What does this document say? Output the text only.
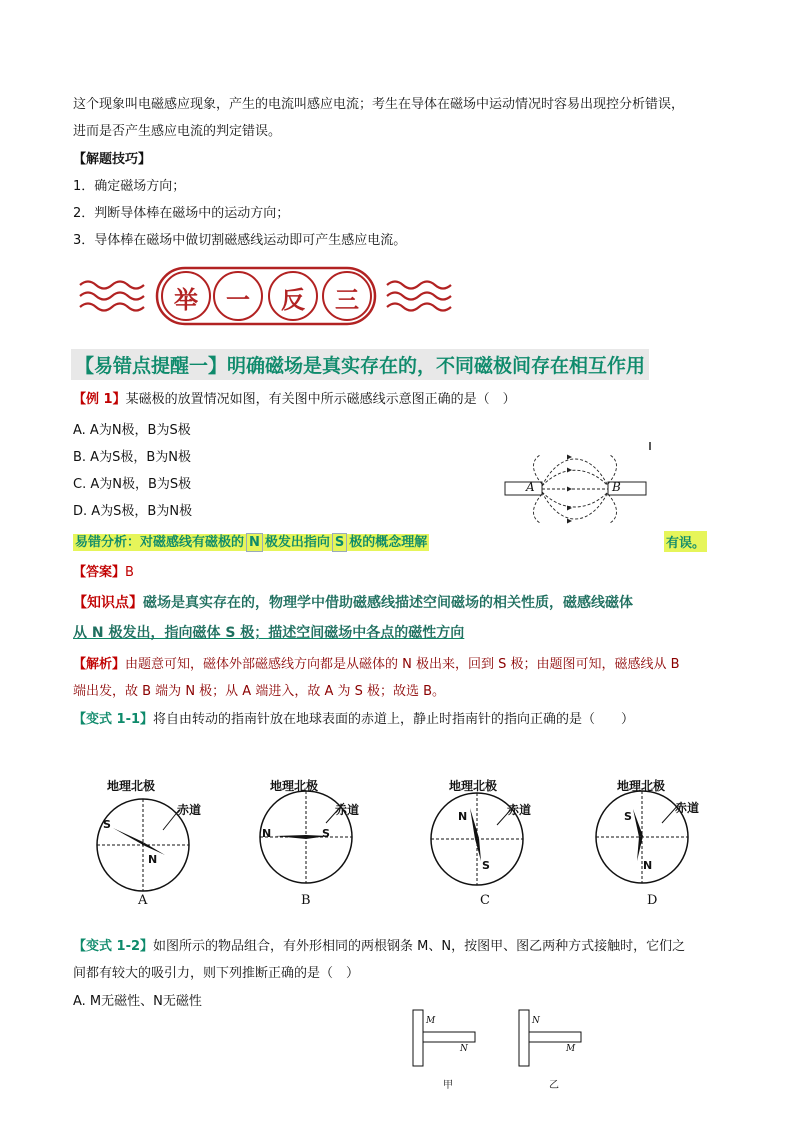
这个现象叫电磁感应现象，产生的电流叫感应电流；考生在导体在磁场中运动情况时容易出现控分析错误，
进而是否产生感应电流的判定错误。
【解题技巧】
1．确定磁场方向；
2．判断导体棒在磁场中的运动方向；
3．导体棒在磁场中做切割磁感线运动即可产生感应电流。
举	一	反	三
【易错点提醒一】明确磁场是真实存在的，不同磁极间存在相互作用
【例 1】某磁极的放置情况如图，有关图中所示磁感线示意图正确的是（　）
A. A为N极，B为S极
B. A为S极，B为N极
C. A为N极，B为S极
D. A为S极，B为N极
A	B
易错分析：对磁感线有磁极的 N 极发出指向 S 极的概念理解	有误。
【答案】B
【知识点】磁场是真实存在的，物理学中借助磁感线描述空间磁场的相关性质，磁感线磁体
从 N 极发出，指向磁体 S 极；描述空间磁场中各点的磁性方向
【解析】由题意可知，磁体外部磁感线方向都是从磁体的 N 极出来，回到 S 极；由题图可知，磁感线从 B
端出发，故 B 端为 N 极；从 A 端进入，故 A 为 S 极；故选 B。
【变式 1-1】将自由转动的指南针放在地球表面的赤道上，静止时指南针的指向正确的是（　　）
地理北极
赤道
S
N
A
地理北极
赤道
N	S
B
地理北极
赤道
N
S
C
地理北极
赤道
S
N
D
【变式 1-2】如图所示的物品组合，有外形相同的两根钢条 M、N，按图甲、图乙两种方式接触时，它们之
间都有较大的吸引力，则下列推断正确的是（　）
A. M无磁性、N无磁性
M
N
甲
N
M
乙
